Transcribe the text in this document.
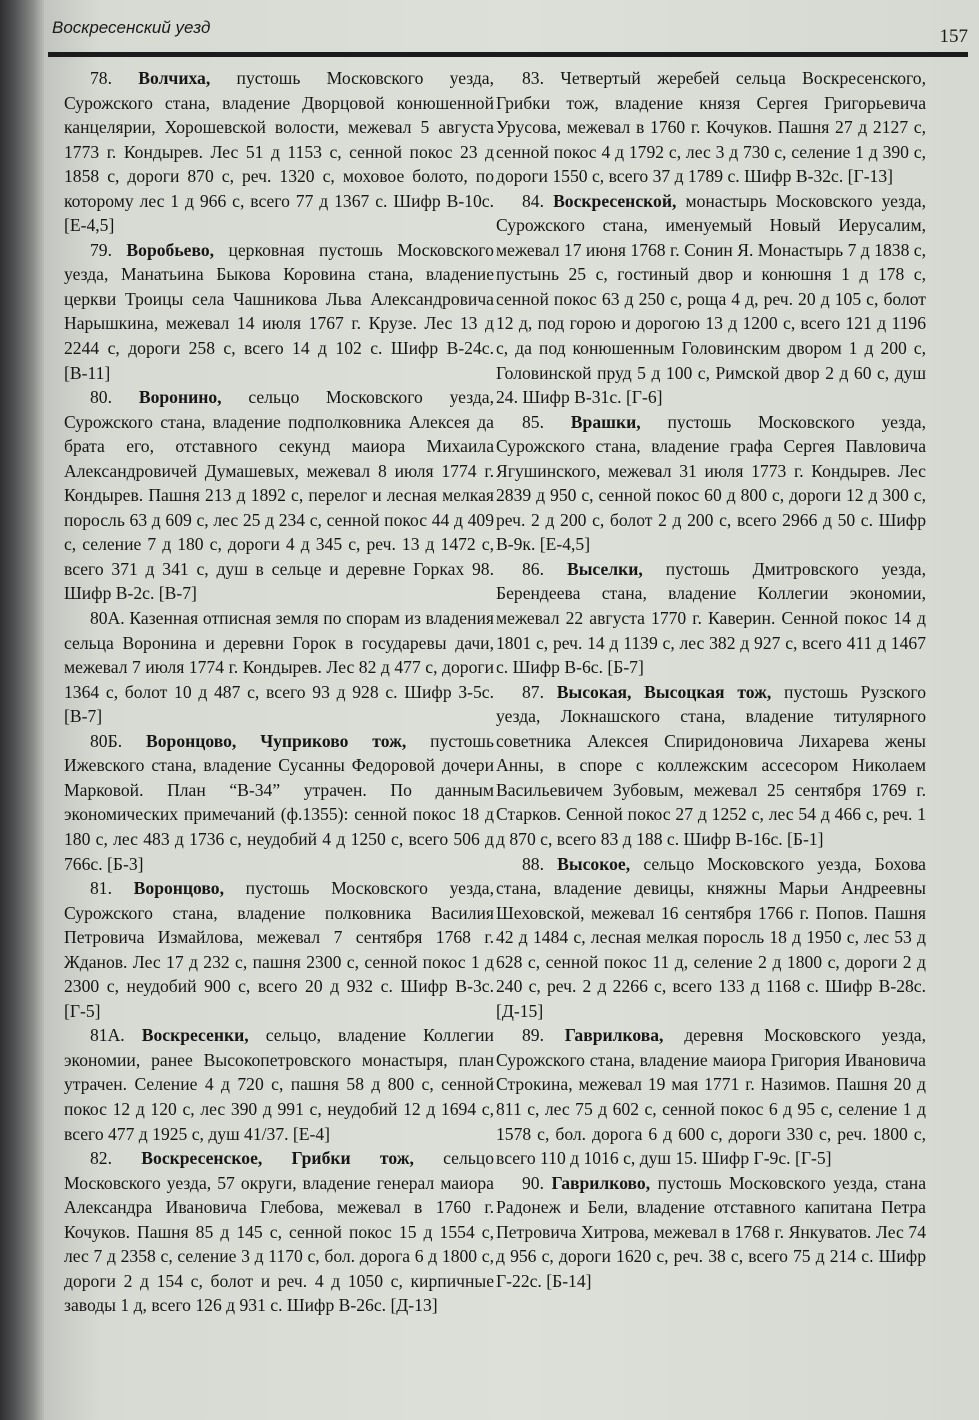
Воскресенский уезд	157

78. Волчиха, пустошь Московского уезда, Сурожского стана, владение Дворцовой конюшенной канцелярии, Хорошевской волости, межевал 5 августа 1773 г. Кондырев. Лес 51 д 1153 с, сенной покос 23 д 1858 с, дороги 870 с, реч. 1320 с, моховое болото, по которому лес 1 д 966 с, всего 77 д 1367 с. Шифр В-10с. [Е-4,5]

79. Воробьево, церковная пустошь Московского уезда, Манатьина Быкова Коровина стана, владение церкви Троицы села Чашникова Льва Александровича Нарышкина, межевал 14 июля 1767 г. Крузе. Лес 13 д 2244 с, дороги 258 с, всего 14 д 102 с. Шифр В-24с. [В-11]

80. Воронино, сельцо Московского уезда, Сурожского стана, владение подполковника Алексея да брата его, отставного секунд маиора Михаила Александровичей Думашевых, межевал 8 июля 1774 г. Кондырев. Пашня 213 д 1892 с, перелог и лесная мелкая поросль 63 д 609 с, лес 25 д 234 с, сенной покос 44 д 409 с, селение 7 д 180 с, дороги 4 д 345 с, реч. 13 д 1472 с, всего 371 д 341 с, душ в сельце и деревне Горках 98. Шифр В-2с. [В-7]

80А. Казенная отписная земля по спорам из владения сельца Воронина и деревни Горок в государевы дачи, межевал 7 июля 1774 г. Кондырев. Лес 82 д 477 с, дороги 1364 с, болот 10 д 487 с, всего 93 д 928 с. Шифр З-5с. [В-7]

80Б. Воронцово, Чуприково тож, пустошь Ижевского стана, владение Сусанны Федоровой дочери Марковой. План “В-34” утрачен. По данным экономических примечаний (ф.1355): сенной покос 18 д 180 с, лес 483 д 1736 с, неудобий 4 д 1250 с, всего 506 д 766с. [Б-3]

81. Воронцово, пустошь Московского уезда, Сурожского стана, владение полковника Василия Петровича Измайлова, межевал 7 сентября 1768 г. Жданов. Лес 17 д 232 с, пашня 2300 с, сенной покос 1 д 2300 с, неудобий 900 с, всего 20 д 932 с. Шифр В-3с. [Г-5]

81А. Воскресенки, сельцо, владение Коллегии экономии, ранее Высокопетровского монастыря, план утрачен. Селение 4 д 720 с, пашня 58 д 800 с, сенной покос 12 д 120 с, лес 390 д 991 с, неудобий 12 д 1694 с, всего 477 д 1925 с, душ 41/37. [Е-4]

82. Воскресенское, Грибки тож, сельцо Московского уезда, 57 округи, владение генерал маиора Александра Ивановича Глебова, межевал в 1760 г. Кочуков. Пашня 85 д 145 с, сенной покос 15 д 1554 с, лес 7 д 2358 с, селение 3 д 1170 с, бол. дорога 6 д 1800 с, дороги 2 д 154 с, болот и реч. 4 д 1050 с, кирпичные заводы 1 д, всего 126 д 931 с. Шифр В-26с. [Д-13]

83. Четвертый жеребей сельца Воскресенского, Грибки тож, владение князя Сергея Григорьевича Урусова, межевал в 1760 г. Кочуков. Пашня 27 д 2127 с, сенной покос 4 д 1792 с, лес 3 д 730 с, селение 1 д 390 с, дороги 1550 с, всего 37 д 1789 с. Шифр В-32с. [Г-13]

84. Воскресенской, монастырь Московского уезда, Сурожского стана, именуемый Новый Иерусалим, межевал 17 июня 1768 г. Сонин Я. Монастырь 7 д 1838 с, пустынь 25 с, гостиный двор и конюшня 1 д 178 с, сенной покос 63 д 250 с, роща 4 д, реч. 20 д 105 с, болот 12 д, под горою и дорогою 13 д 1200 с, всего 121 д 1196 с, да под конюшенным Головинским двором 1 д 200 с, Головинской пруд 5 д 100 с, Римской двор 2 д 60 с, душ 24. Шифр В-31с. [Г-6]

85. Врашки, пустошь Московского уезда, Сурожского стана, владение графа Сергея Павловича Ягушинского, межевал 31 июля 1773 г. Кондырев. Лес 2839 д 950 с, сенной покос 60 д 800 с, дороги 12 д 300 с, реч. 2 д 200 с, болот 2 д 200 с, всего 2966 д 50 с. Шифр В-9к. [Е-4,5]

86. Выселки, пустошь Дмитровского уезда, Берендеева стана, владение Коллегии экономии, межевал 22 августа 1770 г. Каверин. Сенной покос 14 д 1801 с, реч. 14 д 1139 с, лес 382 д 927 с, всего 411 д 1467 с. Шифр В-6с. [Б-7]

87. Высокая, Высоцкая тож, пустошь Рузского уезда, Локнашского стана, владение титулярного советника Алексея Спиридоновича Лихарева жены Анны, в споре с коллежским ассесором Николаем Васильевичем Зубовым, межевал 25 сентября 1769 г. Старков. Сенной покос 27 д 1252 с, лес 54 д 466 с, реч. 1 д 870 с, всего 83 д 188 с. Шифр В-16с. [Б-1]

88. Высокое, сельцо Московского уезда, Бохова стана, владение девицы, княжны Марьи Андреевны Шеховской, межевал 16 сентября 1766 г. Попов. Пашня 42 д 1484 с, лесная мелкая поросль 18 д 1950 с, лес 53 д 628 с, сенной покос 11 д, селение 2 д 1800 с, дороги 2 д 240 с, реч. 2 д 2266 с, всего 133 д 1168 с. Шифр В-28с. [Д-15]

89. Гаврилкова, деревня Московского уезда, Сурожского стана, владение маиора Григория Ивановича Строкина, межевал 19 мая 1771 г. Назимов. Пашня 20 д 811 с, лес 75 д 602 с, сенной покос 6 д 95 с, селение 1 д 1578 с, бол. дорога 6 д 600 с, дороги 330 с, реч. 1800 с, всего 110 д 1016 с, душ 15. Шифр Г-9с. [Г-5]

90. Гаврилково, пустошь Московского уезда, стана Радонеж и Бели, владение отставного капитана Петра Петровича Хитрова, межевал в 1768 г. Янкуватов. Лес 74 д 956 с, дороги 1620 с, реч. 38 с, всего 75 д 214 с. Шифр Г-22с. [Б-14]
